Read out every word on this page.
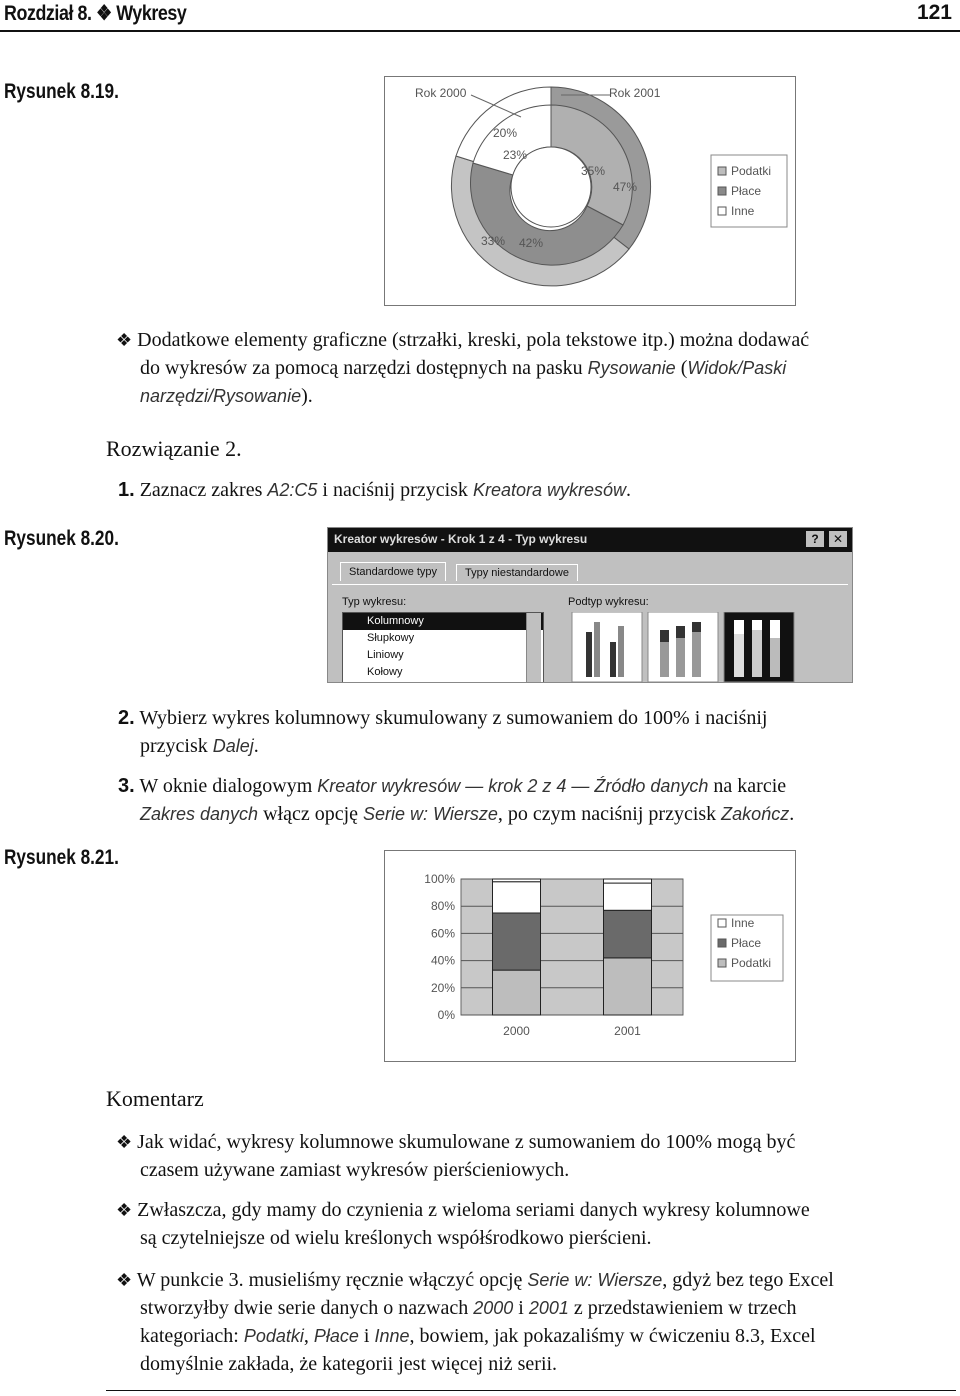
Rozdział 8. ❖ Wykresy	121
Rysunek 8.19.
Rysunek 8.20.
Rysunek 8.21.
Rok 2000	Rok 2001
20%
23%
35%
47%
33% 42%
Podatki
Płace
Inne
❖ Dodatkowe elementy graficzne (strzałki, kreski, pola tekstowe itp.) można dodawać
do wykresów za pomocą narzędzi dostępnych na pasku Rysowanie (Widok/Paski
narzędzi/Rysowanie).
Rozwiązanie 2.
1. Zaznacz zakres A2:C5 i naciśnij przycisk Kreatora wykresów.
Kreator wykresów - Krok 1 z 4 - Typ wykresu	?	✕
Standardowe typy	Typy niestandardowe
Typ wykresu:	Podtyp wykresu:
Kolumnowy
Słupkowy
Liniowy
Kołowy
2. Wybierz wykres kolumnowy skumulowany z sumowaniem do 100% i naciśnij
przycisk Dalej.
3. W oknie dialogowym Kreator wykresów — krok 2 z 4 — Źródło danych na karcie
Zakres danych włącz opcję Serie w: Wiersze, po czym naciśnij przycisk Zakończ.
0%
20%
40%
60%
80%
100%
2000	2001
Inne
Płace
Podatki
Komentarz
❖ Jak widać, wykresy kolumnowe skumulowane z sumowaniem do 100% mogą być
czasem używane zamiast wykresów pierścieniowych.
❖ Zwłaszcza, gdy mamy do czynienia z wieloma seriami danych wykresy kolumnowe
są czytelniejsze od wielu kreślonych współśrodkowo pierścieni.
❖ W punkcie 3. musieliśmy ręcznie włączyć opcję Serie w: Wiersze, gdyż bez tego Excel
stworzyłby dwie serie danych o nazwach 2000 i 2001 z przedstawieniem w trzech
kategoriach: Podatki, Płace i Inne, bowiem, jak pokazaliśmy w ćwiczeniu 8.3, Excel
domyślnie zakłada, że kategorii jest więcej niż serii.
